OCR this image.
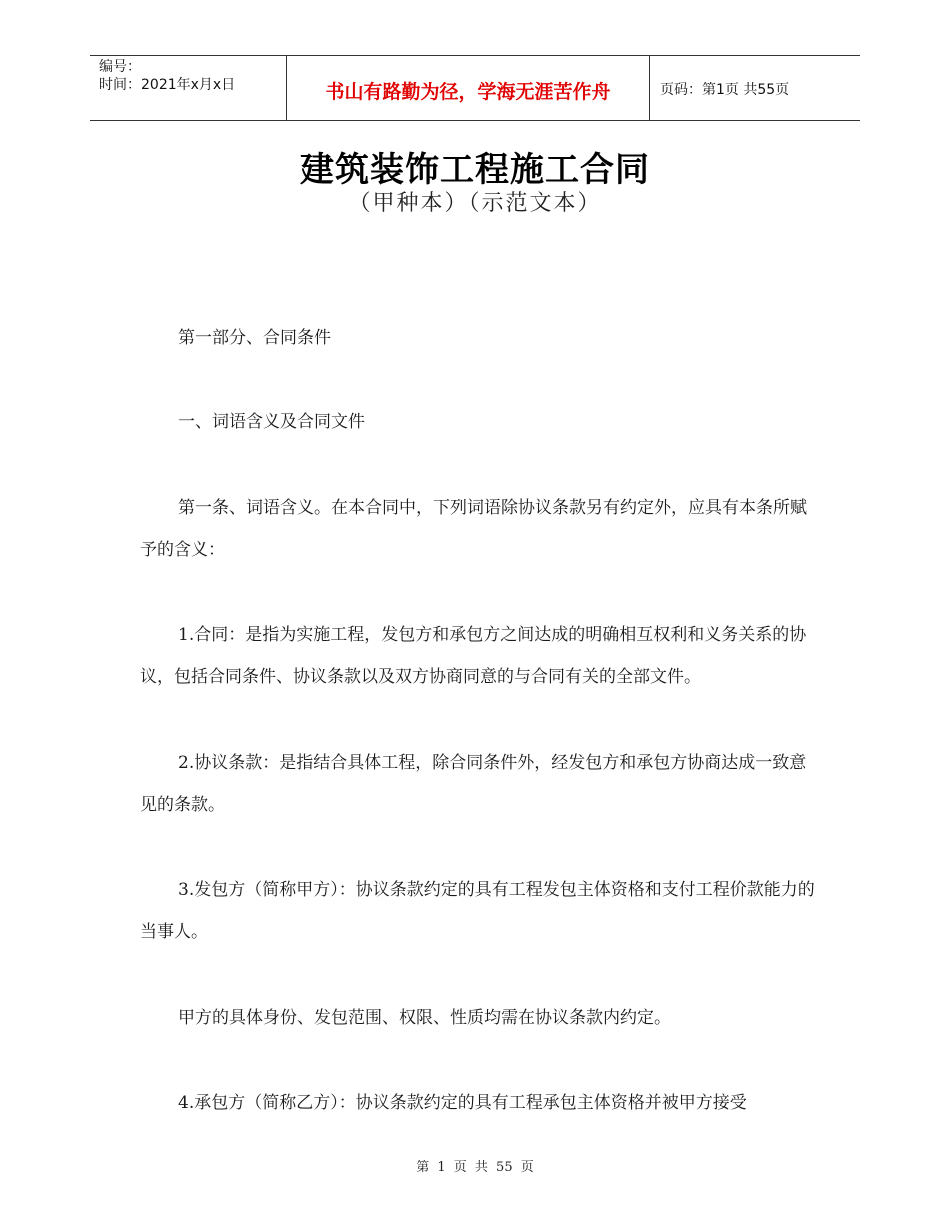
编号：
时间：2021年x月x日	书山有路勤为径，学海无涯苦作舟	页码：第1页 共55页
建筑装饰工程施工合同
（甲种本）（示范文本）

第一部分、合同条件

一、词语含义及合同文件

第一条、词语含义。在本合同中，下列词语除协议条款另有约定外，应具有本条所赋予的含义：

1.合同：是指为实施工程，发包方和承包方之间达成的明确相互权利和义务关系的协议，包括合同条件、协议条款以及双方协商同意的与合同有关的全部文件。

2.协议条款：是指结合具体工程，除合同条件外，经发包方和承包方协商达成一致意见的条款。

3.发包方（简称甲方）：协议条款约定的具有工程发包主体资格和支付工程价款能力的当事人。

甲方的具体身份、发包范围、权限、性质均需在协议条款内约定。

4.承包方（简称乙方）：协议条款约定的具有工程承包主体资格并被甲方接受

第 1 页 共 55 页
